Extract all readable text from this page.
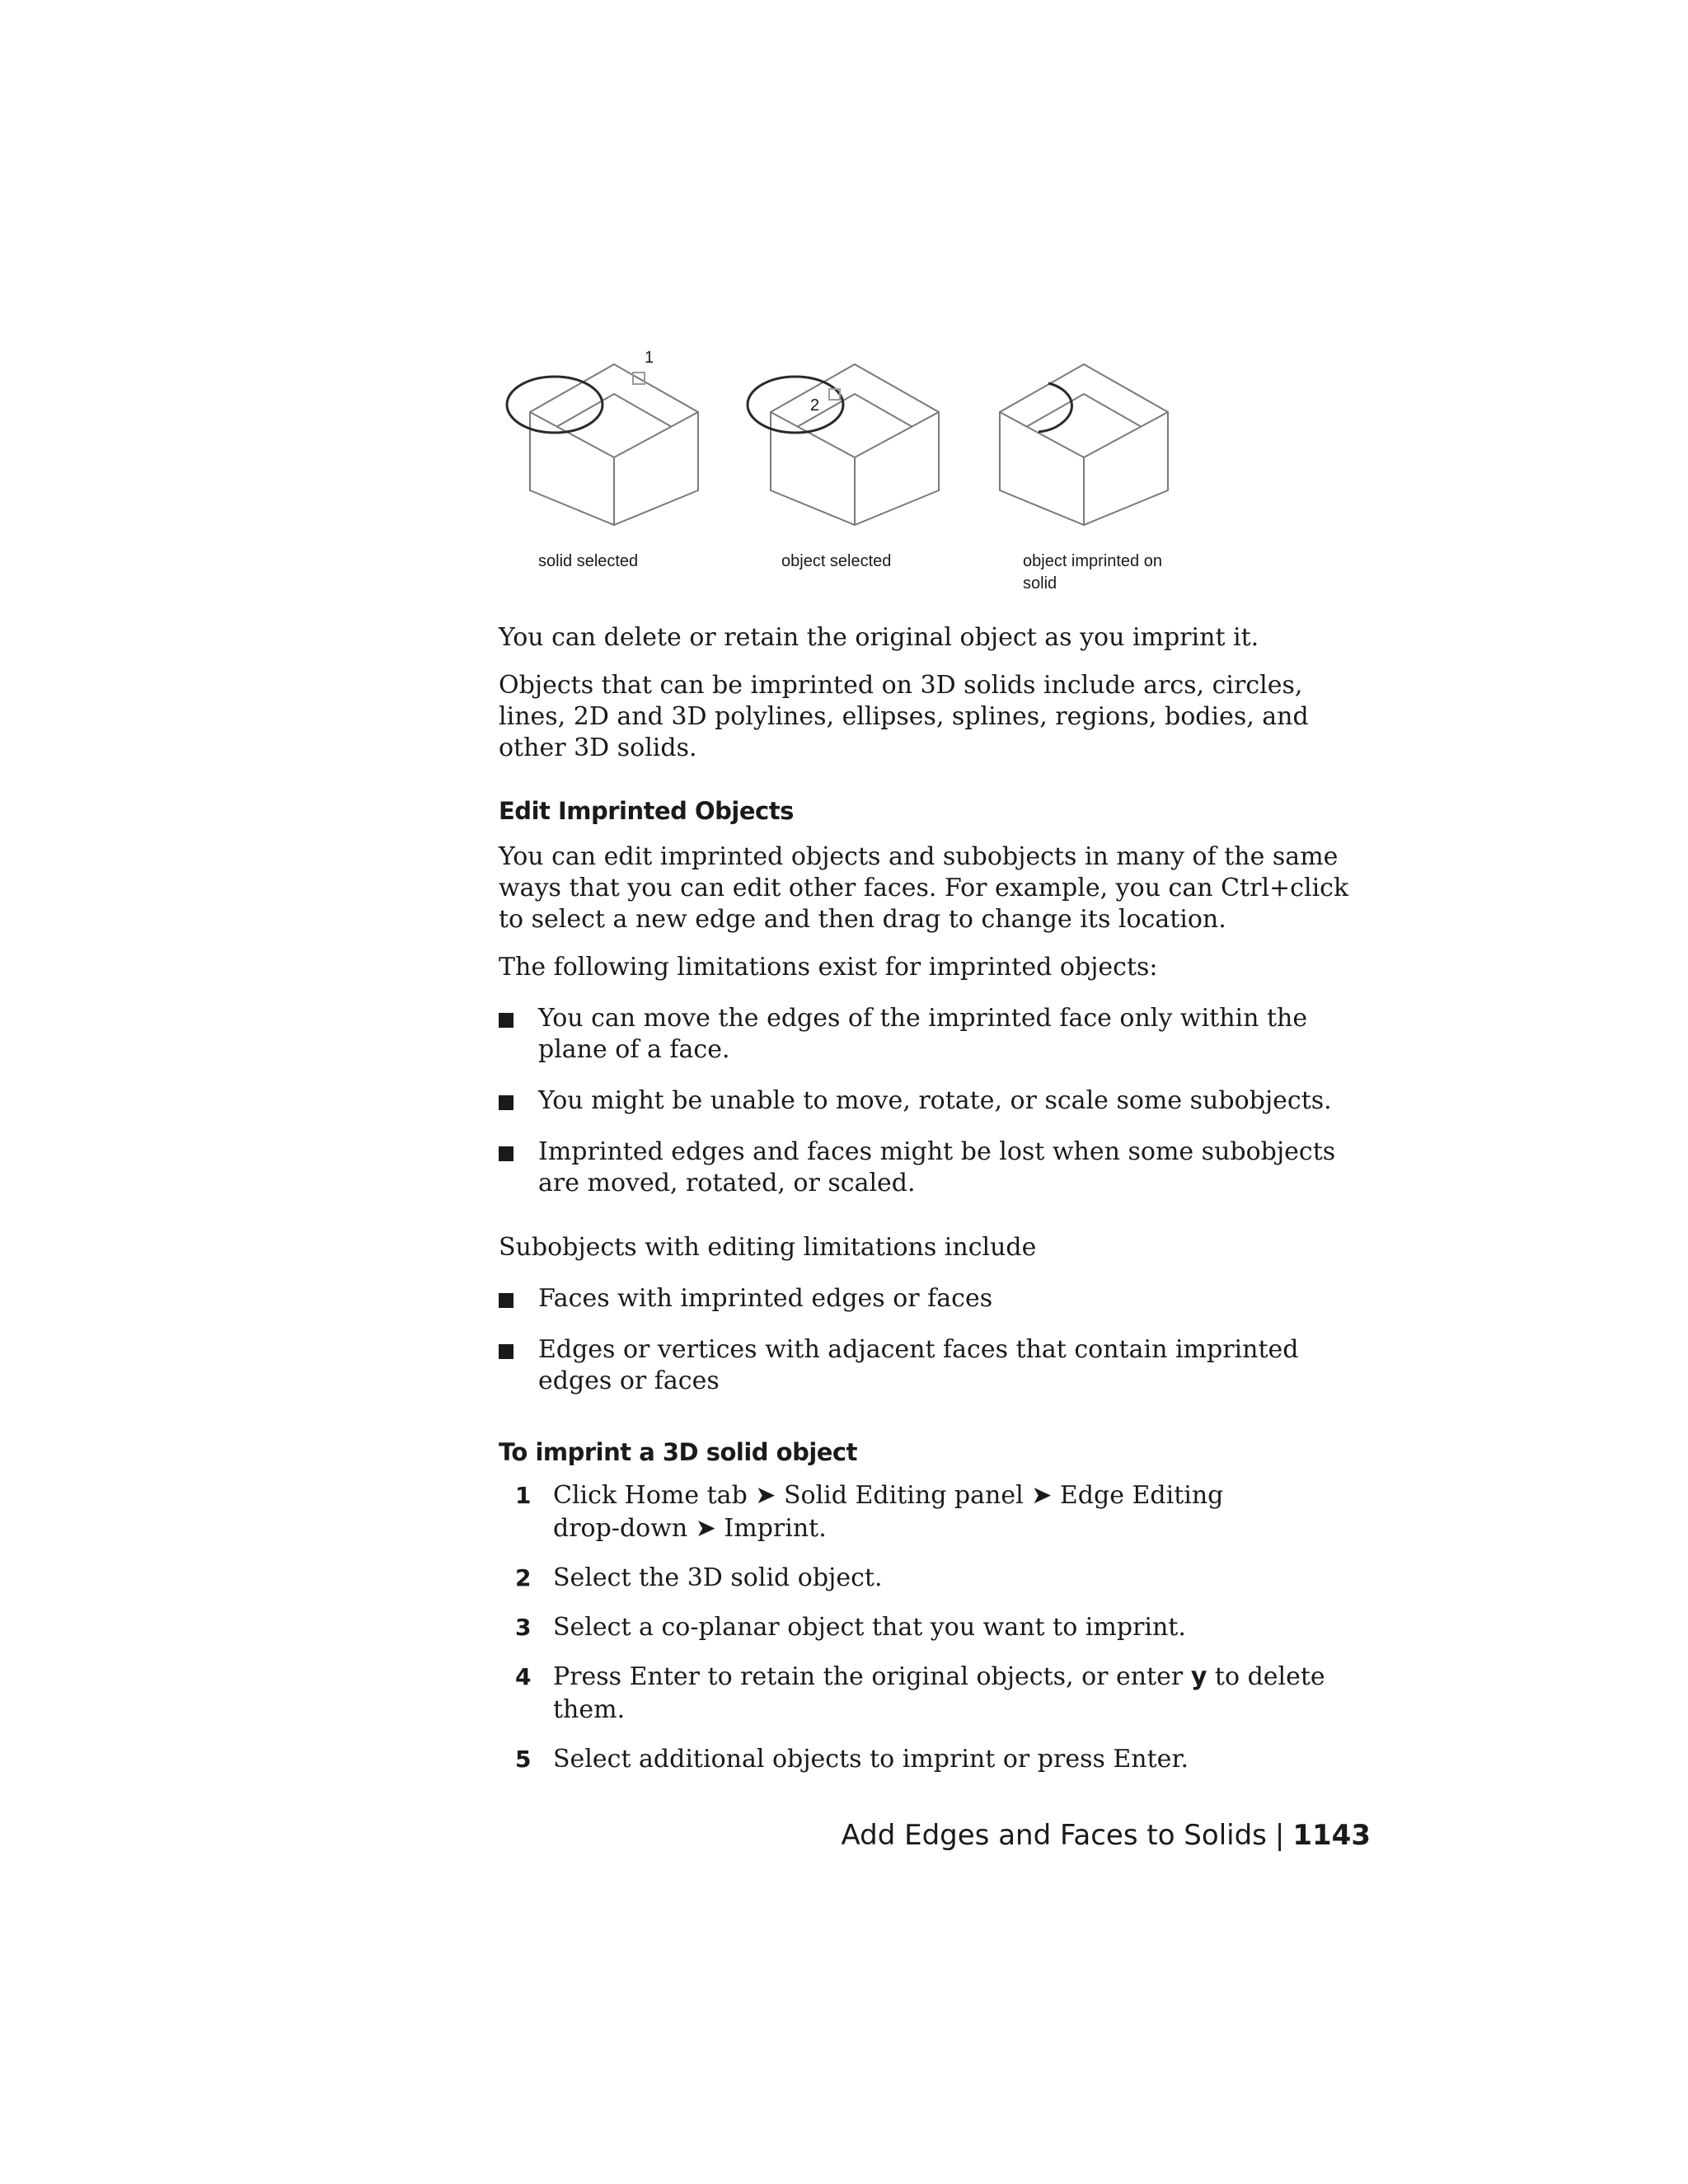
1
2
solid selected	object selected	object imprinted on
solid

You can delete or retain the original object as you imprint it.

Objects that can be imprinted on 3D solids include arcs, circles, lines, 2D and 3D polylines, ellipses, splines, regions, bodies, and other 3D solids.

Edit Imprinted Objects

You can edit imprinted objects and subobjects in many of the same ways that you can edit other faces. For example, you can Ctrl+click to select a new edge and then drag to change its location.

The following limitations exist for imprinted objects:

You can move the edges of the imprinted face only within the plane of a face.
You might be unable to move, rotate, or scale some subobjects.
Imprinted edges and faces might be lost when some subobjects are moved, rotated, or scaled.

Subobjects with editing limitations include

Faces with imprinted edges or faces
Edges or vertices with adjacent faces that contain imprinted edges or faces
To imprint a 3D solid object
1 Click Home tab ➤ Solid Editing panel ➤ Edge Editing
drop-down ➤ Imprint.
2 Select the 3D solid object.
3 Select a co-planar object that you want to imprint.
4 Press Enter to retain the original objects, or enter y to delete them.
5 Select additional objects to imprint or press Enter.
Add Edges and Faces to Solids | 1143
